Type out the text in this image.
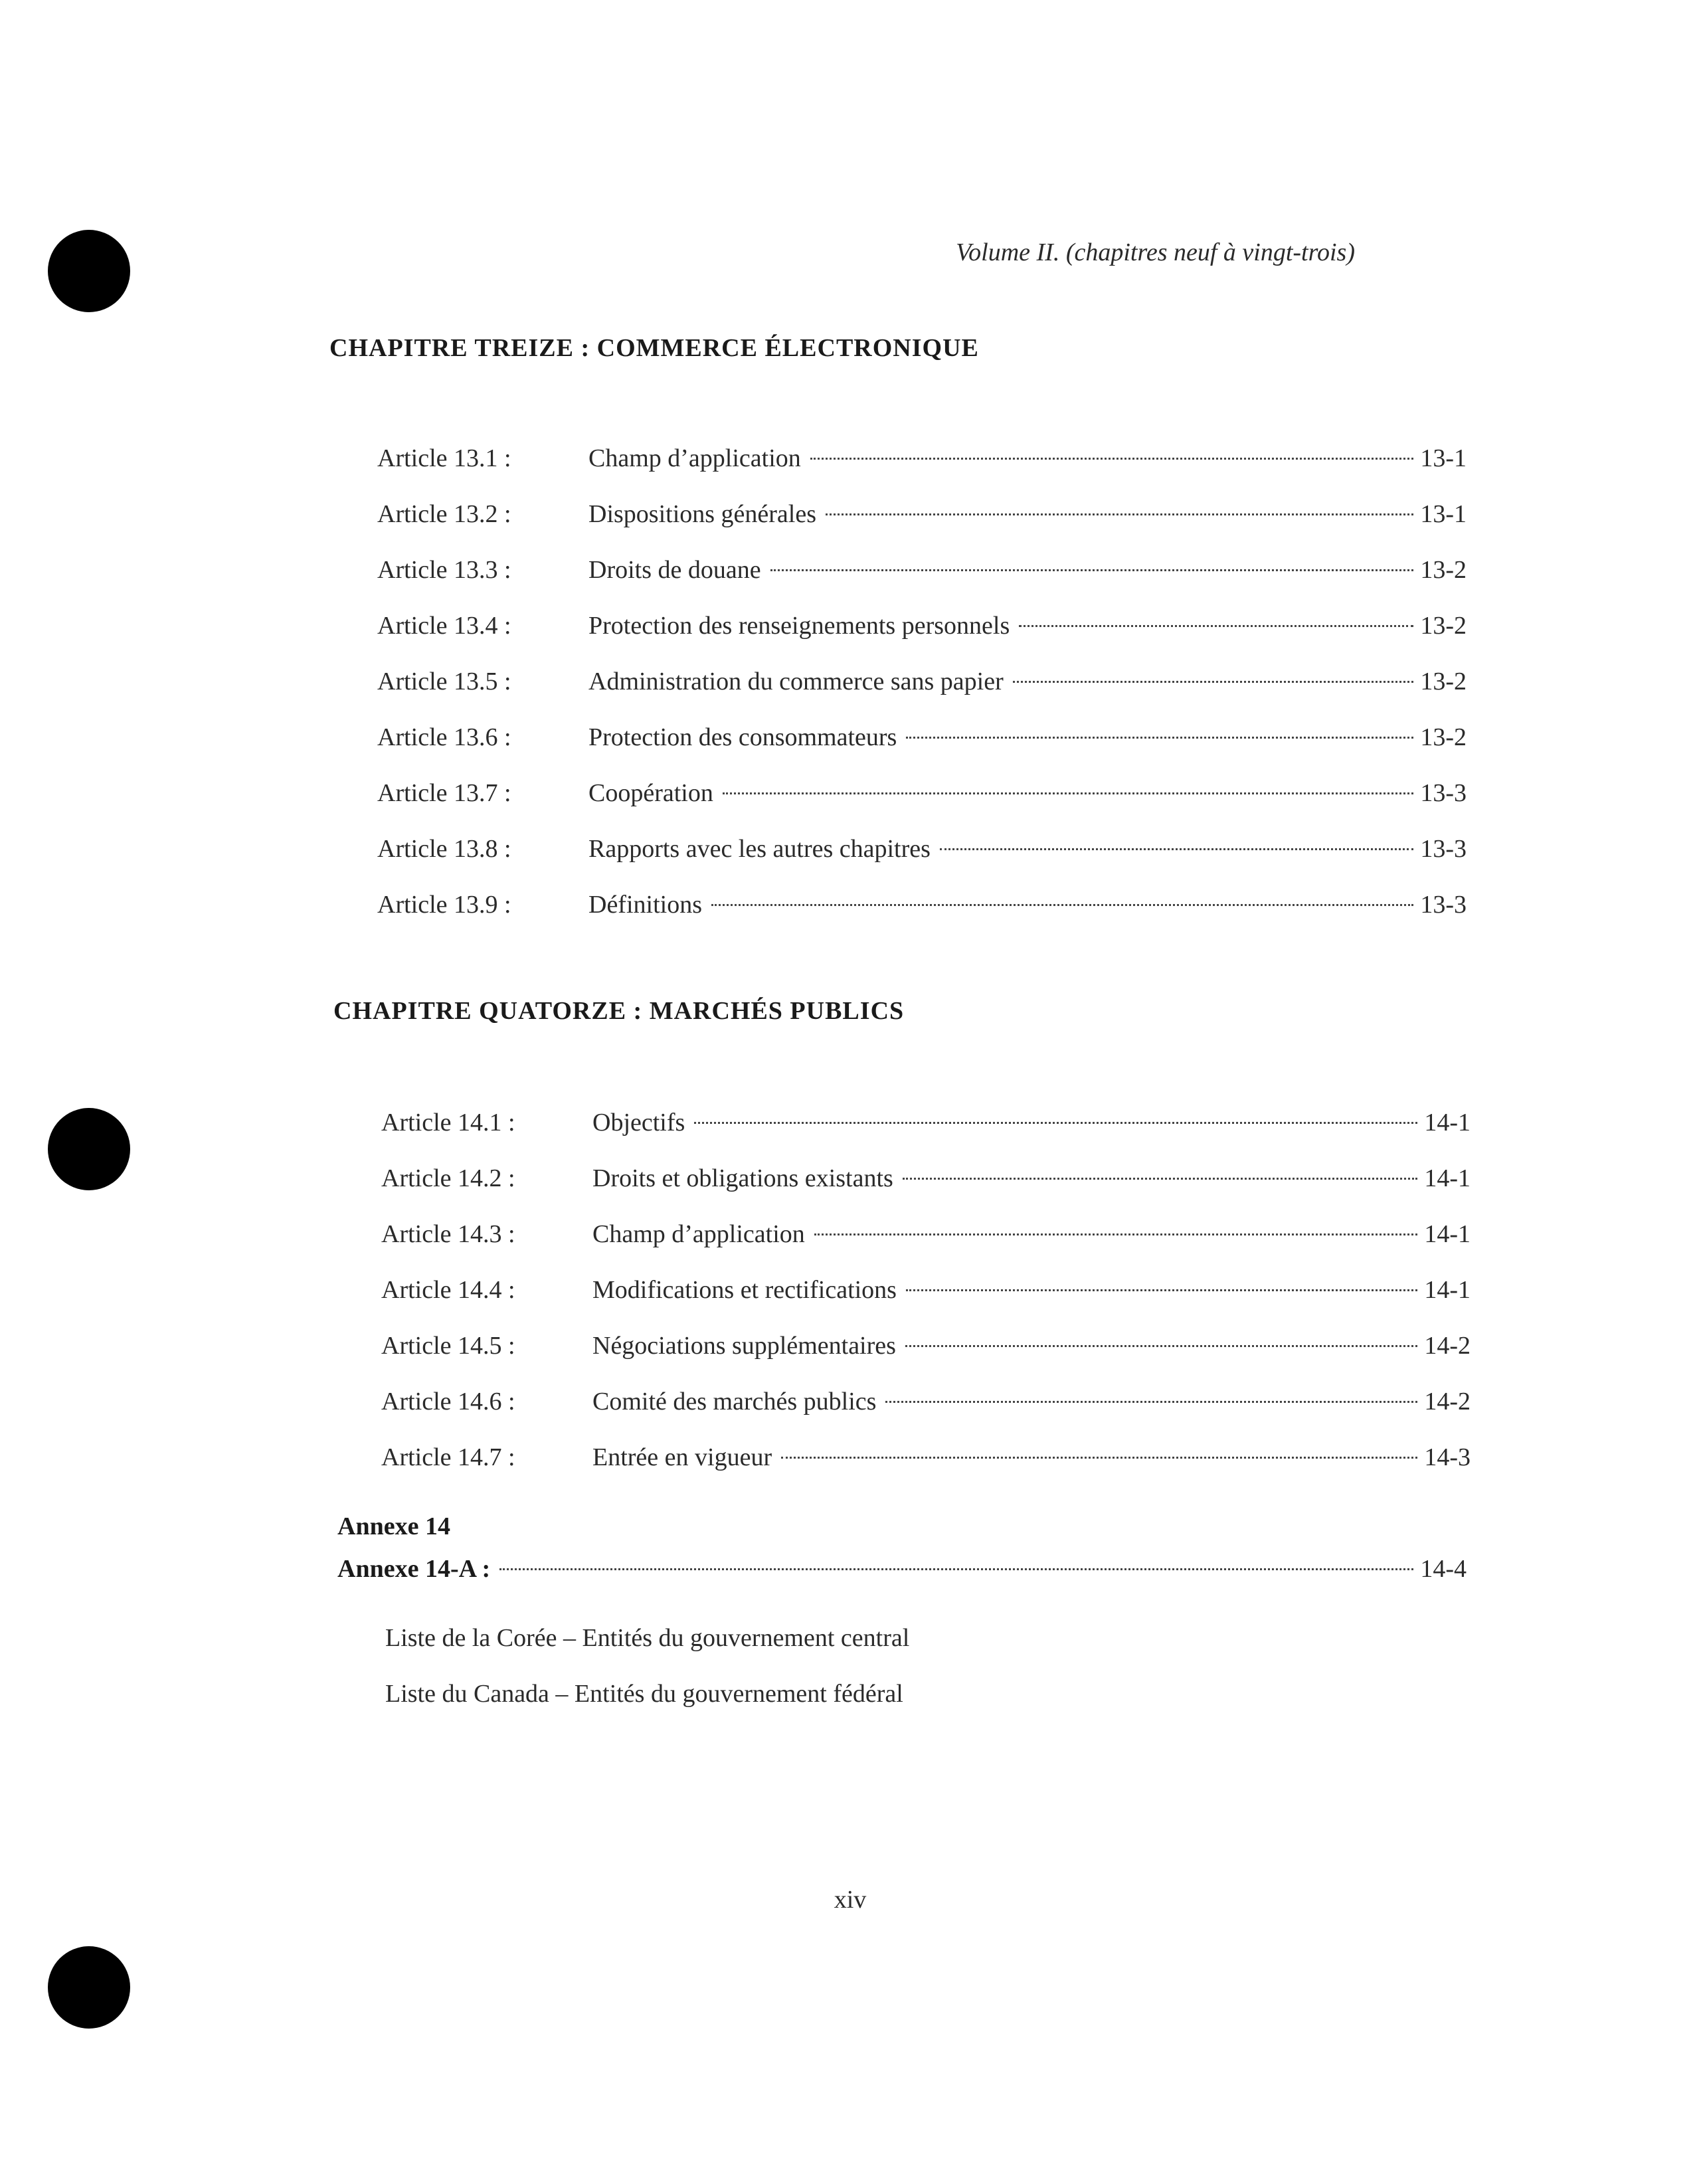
Volume II. (chapitres neuf à vingt-trois)
CHAPITRE TREIZE : COMMERCE ÉLECTRONIQUE
Article 13.1 :	Champ d’application	13-1
Article 13.2 :	Dispositions générales	13-1
Article 13.3 :	Droits de douane	13-2
Article 13.4 :	Protection des renseignements personnels	13-2
Article 13.5 :	Administration du commerce sans papier	13-2
Article 13.6 :	Protection des consommateurs	13-2
Article 13.7 :	Coopération	13-3
Article 13.8 :	Rapports avec les autres chapitres	13-3
Article 13.9 :	Définitions	13-3
CHAPITRE QUATORZE : MARCHÉS PUBLICS
Article 14.1 :	Objectifs	14-1
Article 14.2 :	Droits et obligations existants	14-1
Article 14.3 :	Champ d’application	14-1
Article 14.4 :	Modifications et rectifications	14-1
Article 14.5 :	Négociations supplémentaires	14-2
Article 14.6 :	Comité des marchés publics	14-2
Article 14.7 :	Entrée en vigueur	14-3
Annexe 14
Annexe 14-A :	14-4
Liste de la Corée – Entités du gouvernement central
Liste du Canada – Entités du gouvernement fédéral
xiv
